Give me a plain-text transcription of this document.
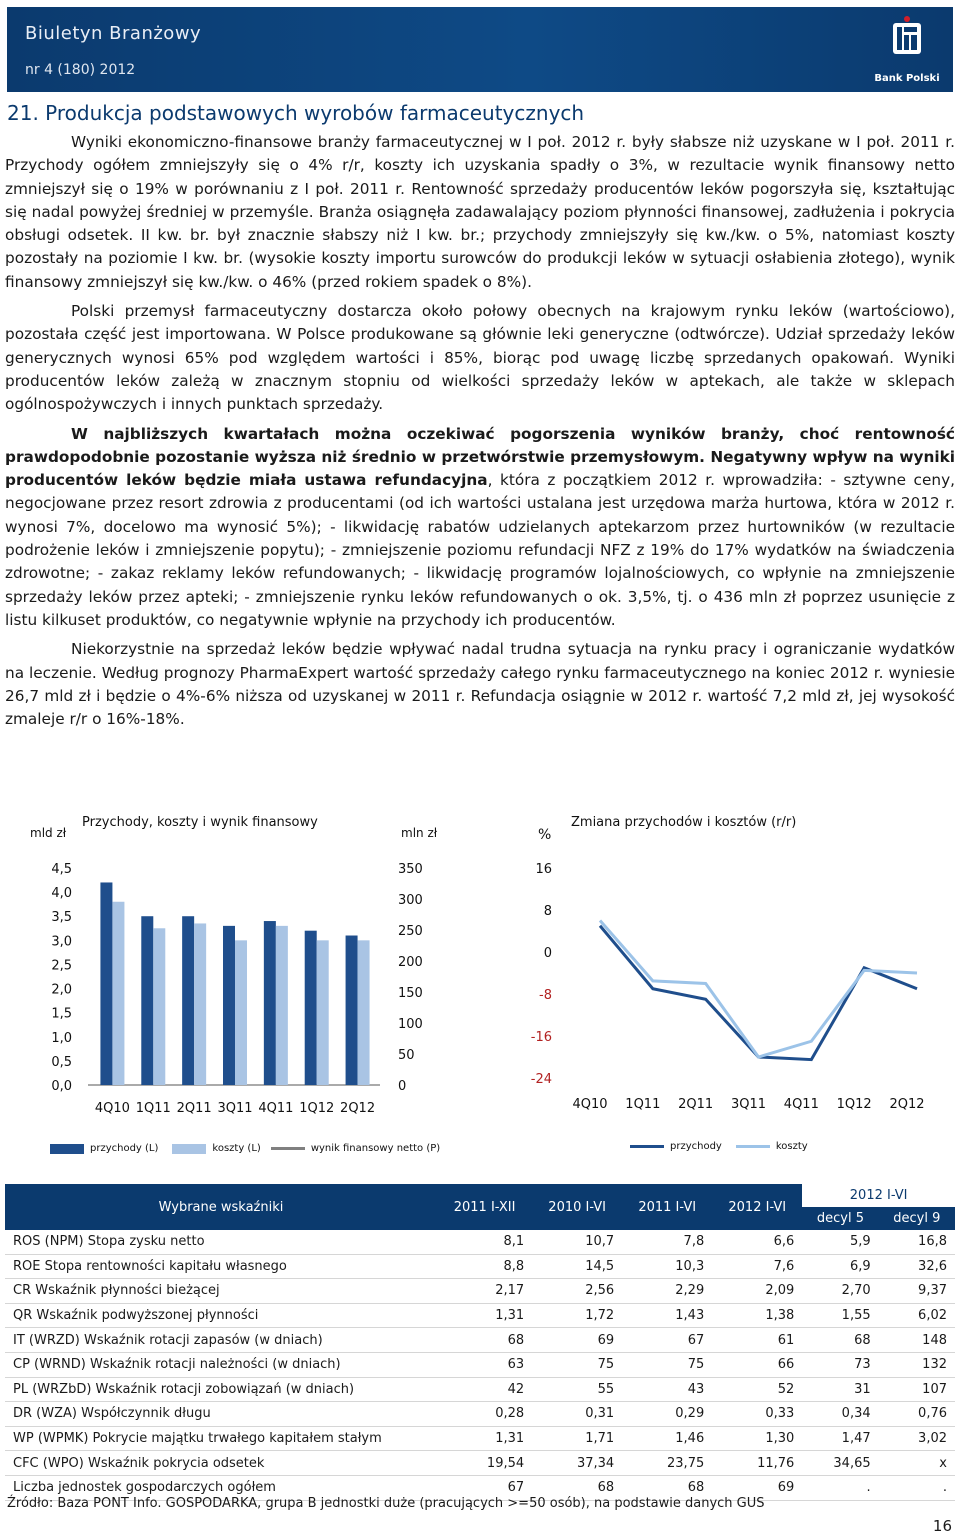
Biuletyn Branżowy
nr 4 (180) 2012
Bank Polski
21. Produkcja podstawowych wyrobów farmaceutycznych

Wyniki ekonomiczno-finansowe branży farmaceutycznej w I poł. 2012 r. były słabsze niż uzyskane w I poł. 2011 r. Przychody ogółem zmniejszyły się o 4% r/r, koszty ich uzyskania spadły o 3%, w rezultacie wynik finansowy netto zmniejszył się o 19% w porównaniu z I poł. 2011 r. Rentowność sprzedaży producentów leków pogorszyła się, kształtując się nadal powyżej średniej w przemyśle. Branża osiągnęła zadawalający poziom płynności finansowej, zadłużenia i pokrycia obsługi odsetek. II kw. br. był znacznie słabszy niż I kw. br.; przychody zmniejszyły się kw./kw. o 5%, natomiast koszty pozostały na poziomie I kw. br. (wysokie koszty importu surowców do produkcji leków w sytuacji osłabienia złotego), wynik finansowy zmniejszył się kw./kw. o 46% (przed rokiem spadek o 8%).

Polski przemysł farmaceutyczny dostarcza około połowy obecnych na krajowym rynku leków (wartościowo), pozostała część jest importowana. W Polsce produkowane są głównie leki generyczne (odtwórcze). Udział sprzedaży leków generycznych wynosi 65% pod względem wartości i 85%, biorąc pod uwagę liczbę sprzedanych opakowań. Wyniki producentów leków zależą w znacznym stopniu od wielkości sprzedaży leków w aptekach, ale także w sklepach ogólnospożywczych i innych punktach sprzedaży.

W najbliższych kwartałach można oczekiwać pogorszenia wyników branży, choć rentowność prawdopodobnie pozostanie wyższa niż średnio w przetwórstwie przemysłowym. Negatywny wpływ na wyniki producentów leków będzie miała ustawa refundacyjna, która z początkiem 2012 r. wprowadziła: - sztywne ceny, negocjowane przez resort zdrowia z producentami (od ich wartości ustalana jest urzędowa marża hurtowa, która w 2012 r. wynosi 7%, docelowo ma wynosić 5%); - likwidację rabatów udzielanych aptekarzom przez hurtowników (w rezultacie podrożenie leków i zmniejszenie popytu); - zmniejszenie poziomu refundacji NFZ z 19% do 17% wydatków na świadczenia zdrowotne; - zakaz reklamy leków refundowanych; - likwidację programów lojalnościowych, co wpłynie na zmniejszenie sprzedaży leków przez apteki; - zmniejszenie rynku leków refundowanych o ok. 3,5%, tj. o 436 mln zł poprzez usunięcie z listu kilkuset produktów, co negatywnie wpłynie na przychody ich producentów.

Niekorzystnie na sprzedaż leków będzie wpływać nadal trudna sytuacja na rynku pracy i ograniczanie wydatków na leczenie. Według prognozy PharmaExpert wartość sprzedaży całego rynku farmaceutycznego na koniec 2012 r. wyniesie 26,7 mld zł i będzie o 4%-6% niższa od uzyskanej w 2011 r. Refundacja osiągnie w 2012 r. wartość 7,2 mld zł, jej wysokość zmaleje r/r o 16%-18%.

mld zł
Przychody, koszty i wynik finansowy
mln zł
4,5
4,0
3,5
3,0
2,5
2,0
1,5
1,0
0,5
0,0
350
300
250
200
150
100
50
0
4Q10 1Q11 2Q11 3Q11 4Q11 1Q12 2Q12
przychody (L)	koszty (L)	wynik finansowy netto (P)
%
Zmiana przychodów i kosztów (r/r)
16
8
0
-8
-16
-24
4Q10 1Q11 2Q11 3Q11 4Q11 1Q12 2Q12
przychody	koszty
Wybrane wskaźniki	2011 I-XII	2010 I-VI	2011 I-VI	2012 I-VI	2012 I-VI	
					decyl 5	decyl 9
ROS (NPM) Stopa zysku netto	8,1	10,7	7,8	6,6	5,9	16,8
ROE Stopa rentowności kapitału własnego	8,8	14,5	10,3	7,6	6,9	32,6
CR Wskaźnik płynności bieżącej	2,17	2,56	2,29	2,09	2,70	9,37
QR Wskaźnik podwyższonej płynności	1,31	1,72	1,43	1,38	1,55	6,02
IT (WRZD) Wskaźnik rotacji zapasów (w dniach)	68	69	67	61	68	148
CP (WRND) Wskaźnik rotacji należności (w dniach)	63	75	75	66	73	132
PL (WRZbD) Wskaźnik rotacji zobowiązań (w dniach)	42	55	43	52	31	107
DR (WZA) Współczynnik długu	0,28	0,31	0,29	0,33	0,34	0,76
WP (WPMK) Pokrycie majątku trwałego kapitałem stałym	1,31	1,71	1,46	1,30	1,47	3,02
CFC (WPO) Wskaźnik pokrycia odsetek	19,54	37,34	23,75	11,76	34,65	x
Liczba jednostek gospodarczych ogółem	67	68	68	69	.	.
Źródło: Baza PONT Info. GOSPODARKA, grupa B jednostki duże (pracujących >=50 osób), na podstawie danych GUS
16
